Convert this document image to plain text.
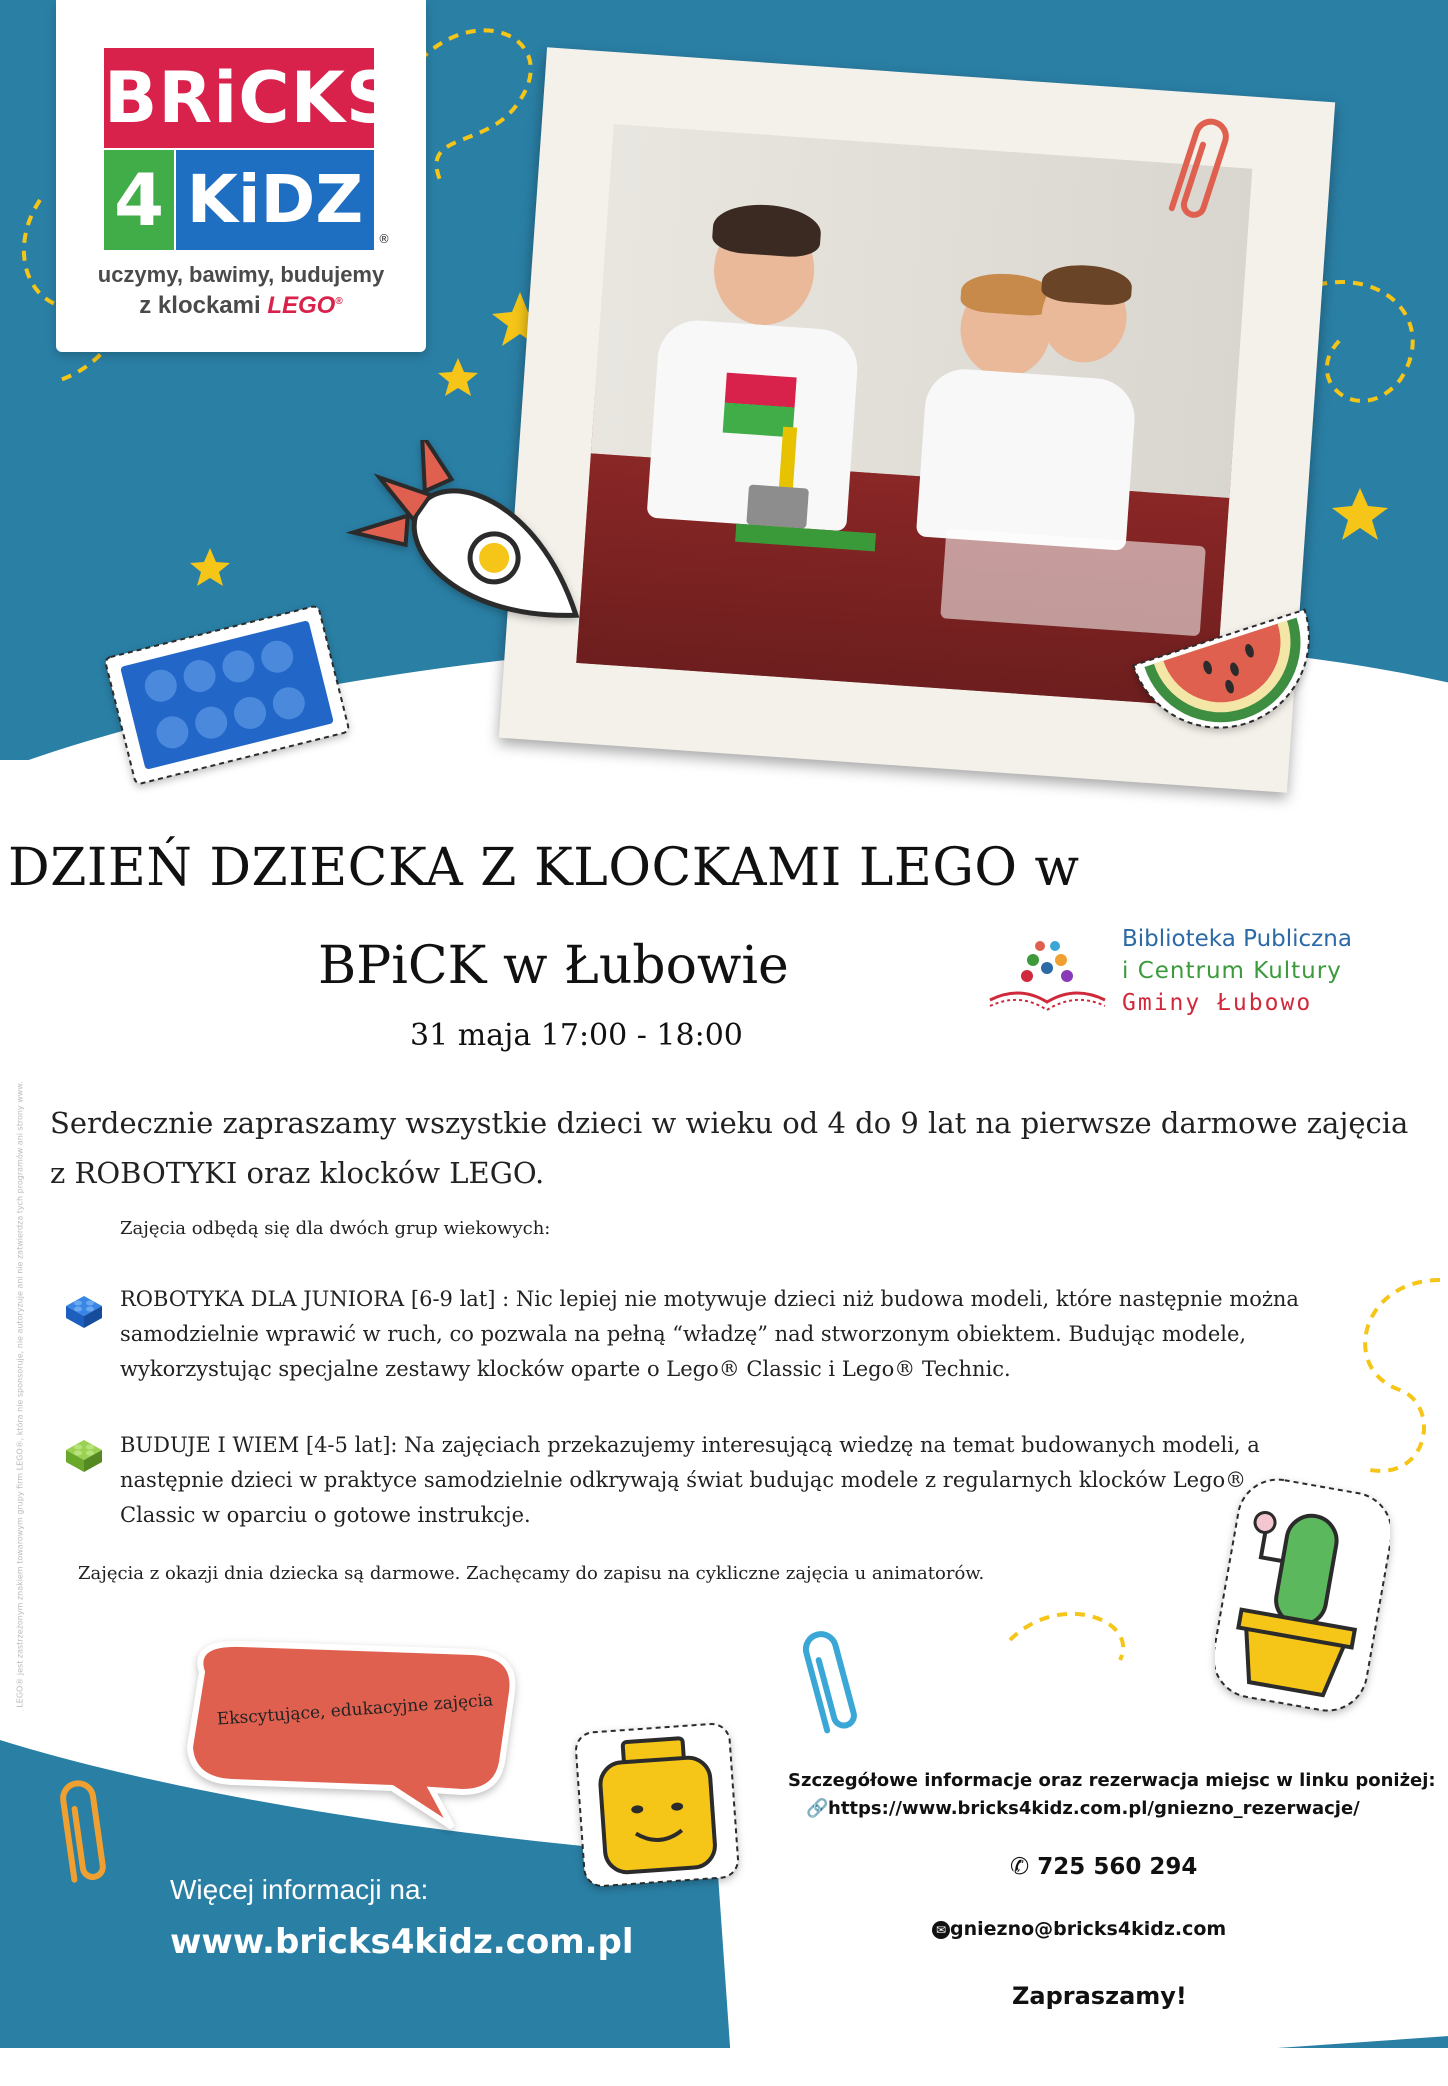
BRiCKS
4 KiDZ
®
uczymy, bawimy, budujemy
z klockami LEGO®
DZIEŃ DZIECKA Z KLOCKAMI LEGO w
BPiCK w Łubowie
31 maja 17:00 - 18:00
Biblioteka Publiczna
i Centrum Kultury
Gminy Łubowo
Serdecznie zapraszamy wszystkie dzieci w wieku od 4 do 9 lat na pierwsze darmowe zajęcia z ROBOTYKI oraz klocków LEGO.
Zajęcia odbędą się dla dwóch grup wiekowych:
ROBOTYKA DLA JUNIORA [6-9 lat] : Nic lepiej nie motywuje dzieci niż budowa modeli, które następnie można samodzielnie wprawić w ruch, co pozwala na pełną “władzę” nad stworzonym obiektem. Budując modele, wykorzystując specjalne zestawy klocków oparte o Lego® Classic i Lego® Technic.
BUDUJE I WIEM [4-5 lat]: Na zajęciach przekazujemy interesującą wiedzę na temat budowanych modeli, a następnie dzieci w praktyce samodzielnie odkrywają świat budując modele z regularnych klocków Lego® Classic w oparciu o gotowe instrukcje.
Zajęcia z okazji dnia dziecka są darmowe. Zachęcamy do zapisu na cykliczne zajęcia u animatorów.
Ekscytujące, edukacyjne zajęcia
Więcej informacji na:
www.bricks4kidz.com.pl
Szczegółowe informacje oraz rezerwacja miejsc w linku poniżej:
🔗https://www.bricks4kidz.com.pl/gniezno_rezerwacje/
✆ 725 560 294
✉ gniezno@bricks4kidz.com
Zapraszamy!
LEGO® jest zastrzeżonym znakiem towarowym grupy firm LEGO®, która nie sponsoruje, nie autoryzuje ani nie zatwierdza tych programów ani strony www.
